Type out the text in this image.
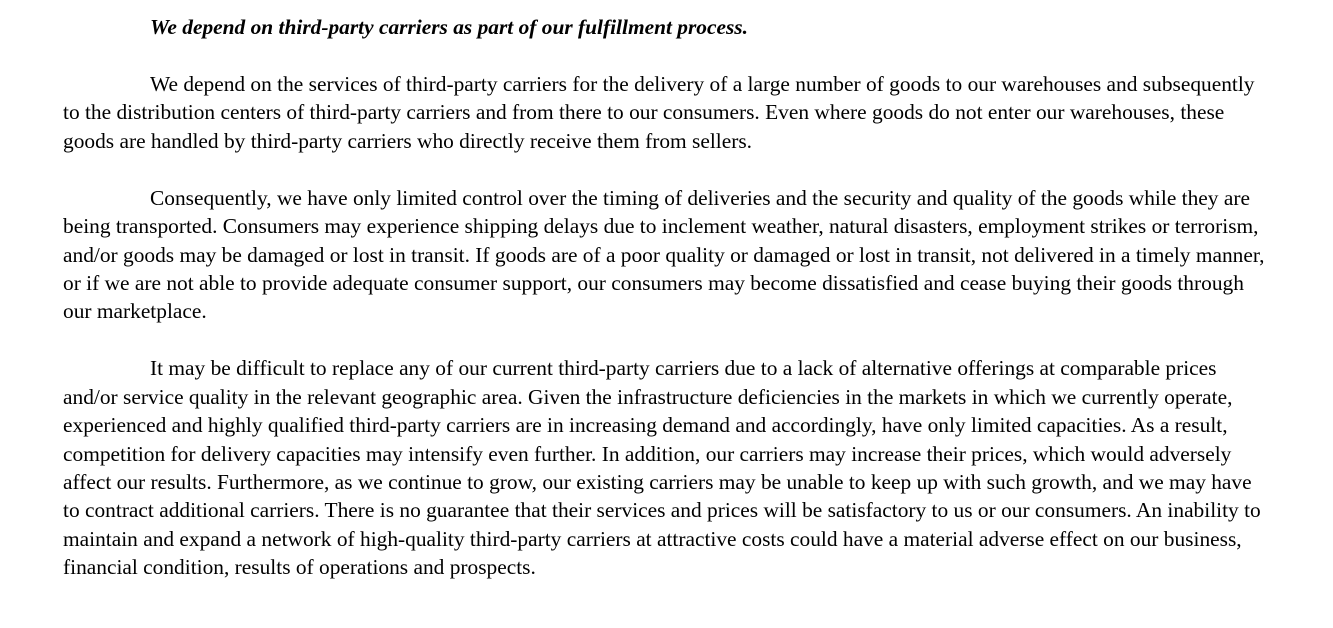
We depend on third-party carriers as part of our fulfillment process.

We depend on the services of third-party carriers for the delivery of a large number of goods to our warehouses and subsequently to the distribution centers of third-party carriers and from there to our consumers. Even where goods do not enter our warehouses, these goods are handled by third-party carriers who directly receive them from sellers.

Consequently, we have only limited control over the timing of deliveries and the security and quality of the goods while they are being transported. Consumers may experience shipping delays due to inclement weather, natural disasters, employment strikes or terrorism, and/or goods may be damaged or lost in transit. If goods are of a poor quality or damaged or lost in transit, not delivered in a timely manner, or if we are not able to provide adequate consumer support, our consumers may become dissatisfied and cease buying their goods through our marketplace.

It may be difficult to replace any of our current third-party carriers due to a lack of alternative offerings at comparable prices and/or service quality in the relevant geographic area. Given the infrastructure deficiencies in the markets in which we currently operate, experienced and highly qualified third-party carriers are in increasing demand and accordingly, have only limited capacities. As a result, competition for delivery capacities may intensify even further. In addition, our carriers may increase their prices, which would adversely affect our results. Furthermore, as we continue to grow, our existing carriers may be unable to keep up with such growth, and we may have to contract additional carriers. There is no guarantee that their services and prices will be satisfactory to us or our consumers. An inability to maintain and expand a network of high-quality third-party carriers at attractive costs could have a material adverse effect on our business, financial condition, results of operations and prospects.
